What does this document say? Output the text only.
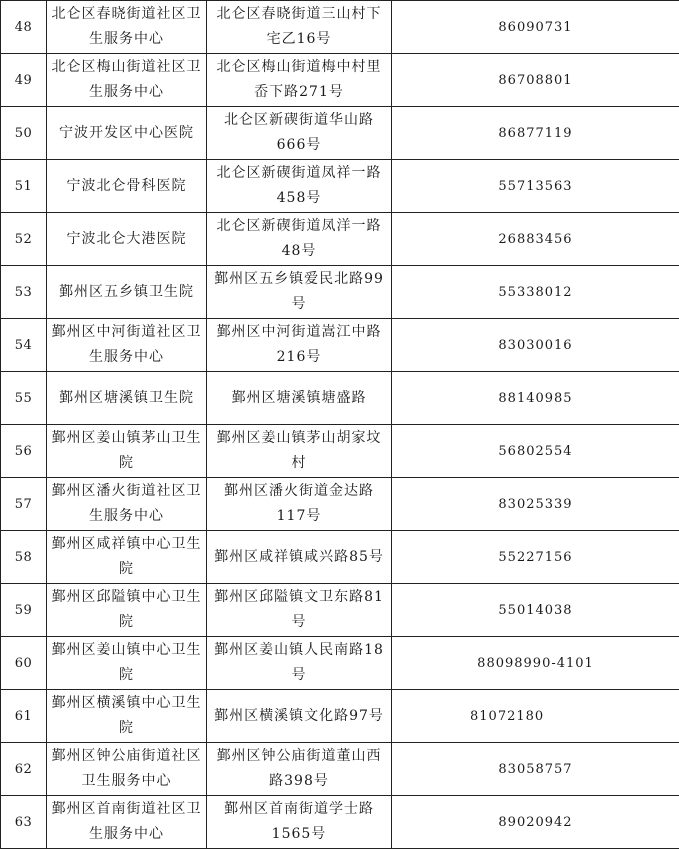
48	北仑区春晓街道社区卫生服务中心	北仑区春晓街道三山村下宅乙16号	86090731
49	北仑区梅山街道社区卫生服务中心	北仑区梅山街道梅中村里岙下路271号	86708801
50	宁波开发区中心医院	北仑区新碶街道华山路666号	86877119
51	宁波北仑骨科医院	北仑区新碶街道凤祥一路458号	55713563
52	宁波北仑大港医院	北仑区新碶街道凤洋一路48号	26883456
53	鄞州区五乡镇卫生院	鄞州区五乡镇爱民北路99号	55338012
54	鄞州区中河街道社区卫生服务中心	鄞州区中河街道嵩江中路216号	83030016
55	鄞州区塘溪镇卫生院	鄞州区塘溪镇塘盛路	88140985
56	鄞州区姜山镇茅山卫生院	鄞州区姜山镇茅山胡家坟村	56802554
57	鄞州区潘火街道社区卫生服务中心	鄞州区潘火街道金达路117号	83025339
58	鄞州区咸祥镇中心卫生院	鄞州区咸祥镇咸兴路85号	55227156
59	鄞州区邱隘镇中心卫生院	鄞州区邱隘镇文卫东路81号	55014038
60	鄞州区姜山镇中心卫生院	鄞州区姜山镇人民南路18号	88098990-4101
61	鄞州区横溪镇中心卫生院	鄞州区横溪镇文化路97号	81072180
62	鄞州区钟公庙街道社区卫生服务中心	鄞州区钟公庙街道董山西路398号	83058757
63	鄞州区首南街道社区卫生服务中心	鄞州区首南街道学士路1565号	89020942
